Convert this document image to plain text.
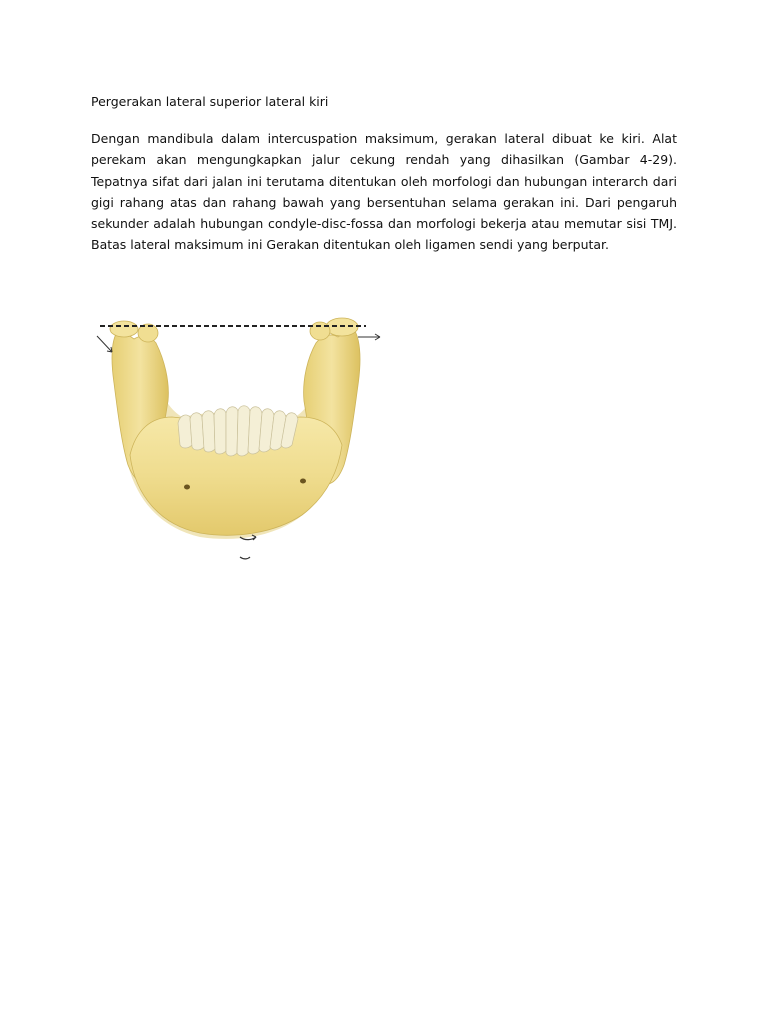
Pergerakan lateral superior lateral kiri
Dengan mandibula dalam intercuspation maksimum, gerakan lateral dibuat ke kiri. Alat perekam akan mengungkapkan jalur cekung rendah yang dihasilkan (Gambar 4-29). Tepatnya sifat dari jalan ini terutama ditentukan oleh morfologi dan hubungan interarch dari gigi rahang atas dan rahang bawah yang bersentuhan selama gerakan ini. Dari pengaruh sekunder adalah hubungan condyle-disc-fossa dan morfologi bekerja atau memutar sisi TMJ. Batas lateral maksimum ini Gerakan ditentukan oleh ligamen sendi yang berputar.
